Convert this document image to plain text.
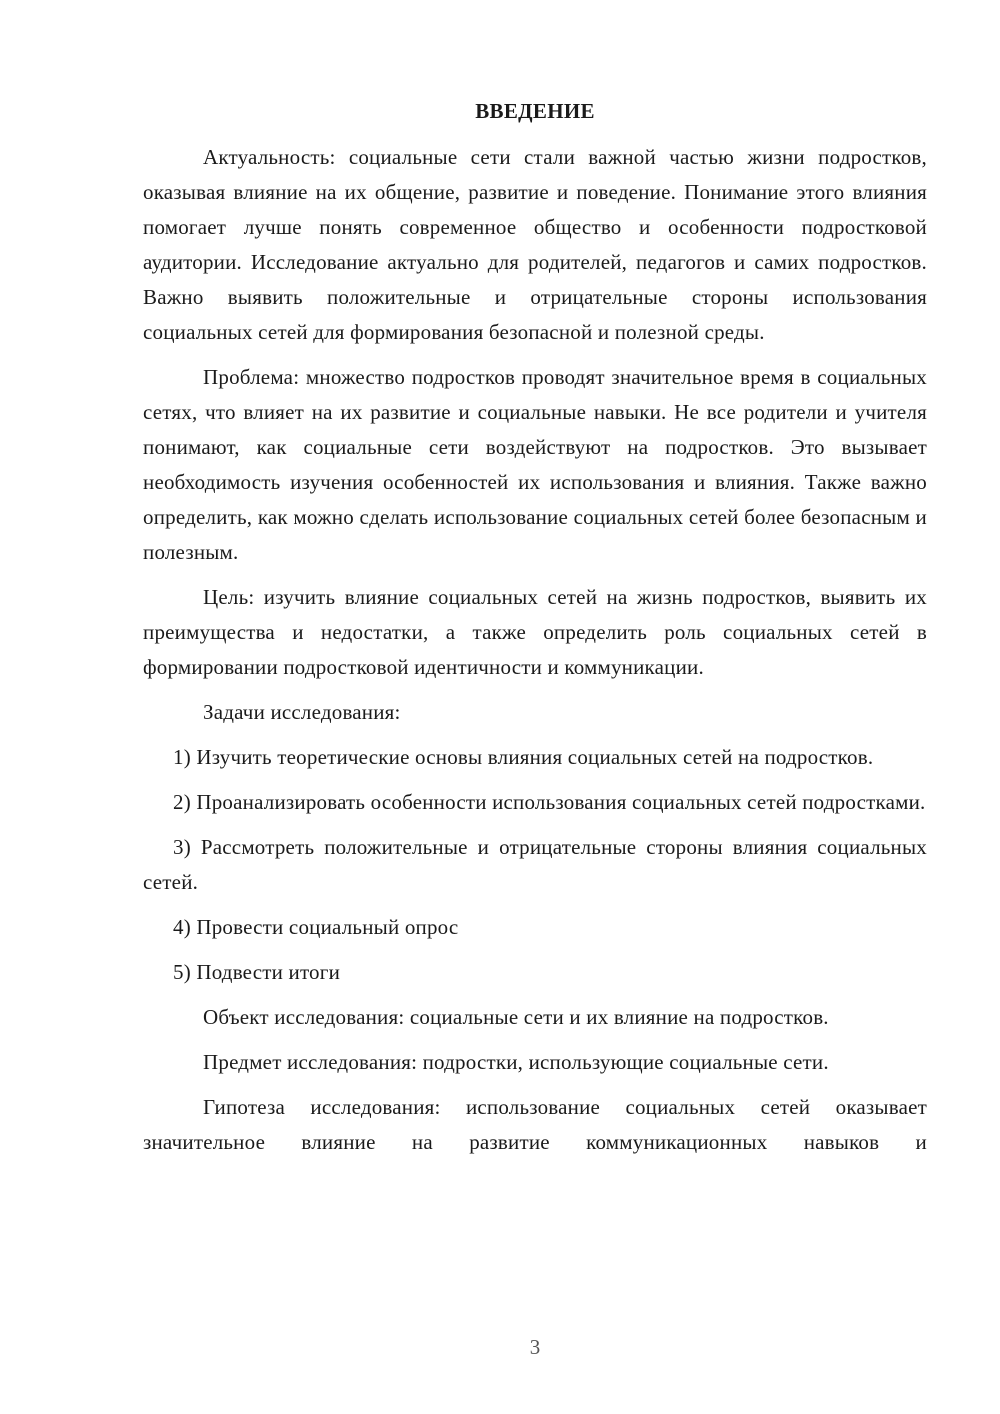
ВВЕДЕНИЕ

Актуальность: социальные сети стали важной частью жизни подростков, оказывая влияние на их общение, развитие и поведение. Понимание этого влияния помогает лучше понять современное общество и особенности подростковой аудитории. Исследование актуально для родителей, педагогов и самих подростков. Важно выявить положительные и отрицательные стороны использования социальных сетей для формирования безопасной и полезной среды.

Проблема: множество подростков проводят значительное время в социальных сетях, что влияет на их развитие и социальные навыки. Не все родители и учителя понимают, как социальные сети воздействуют на подростков. Это вызывает необходимость изучения особенностей их использования и влияния. Также важно определить, как можно сделать использование социальных сетей более безопасным и полезным.

Цель: изучить влияние социальных сетей на жизнь подростков, выявить их преимущества и недостатки, а также определить роль социальных сетей в формировании подростковой идентичности и коммуникации.

Задачи исследования:

1) Изучить теоретические основы влияния социальных сетей на подростков.

2) Проанализировать особенности использования социальных сетей подростками.

3) Рассмотреть положительные и отрицательные стороны влияния социальных сетей.

4) Провести социальный опрос

5) Подвести итоги

Объект исследования: социальные сети и их влияние на подростков.

Предмет исследования: подростки, использующие социальные сети.

Гипотеза исследования: использование социальных сетей оказывает значительное влияние на развитие коммуникационных навыков и

3
